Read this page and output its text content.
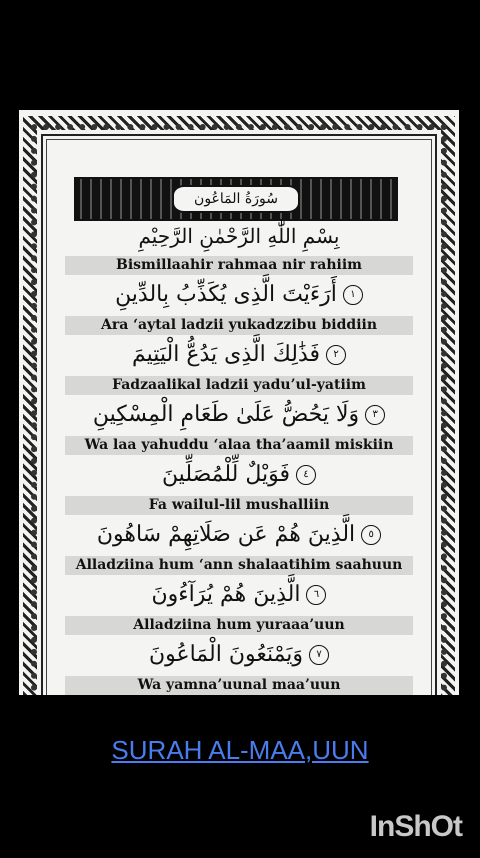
سُورَةُ المَاعُون
بِسْمِ اللّٰهِ الرَّحْمٰنِ الرَّحِيْمِ
Bismillaahir rahmaa nir rahiim
١أَرَءَيْتَ الَّذِى يُكَذِّبُ بِالدِّينِ
Ara ‘aytal ladzii yukadzzibu biddiin
٢فَذَٰلِكَ الَّذِى يَدُعُّ الْيَتِيمَ
Fadzaalikal ladzii yadu’ul-yatiim
٣وَلَا يَحُضُّ عَلَىٰ طَعَامِ الْمِسْكِينِ
Wa laa yahuddu ‘alaa tha’aamil miskiin
٤فَوَيْلٌ لِّلْمُصَلِّينَ
Fa wailul-lil mushalliin
٥الَّذِينَ هُمْ عَن صَلَاتِهِمْ سَاهُونَ
Alladziina hum ‘ann shalaatihim saahuun
٦الَّذِينَ هُمْ يُرَآءُونَ
Alladziina hum yuraaa’uun
٧وَيَمْنَعُونَ الْمَاعُونَ
Wa yamna’uunal maa’uun
SURAH AL-MAA,UUN
InShOt
